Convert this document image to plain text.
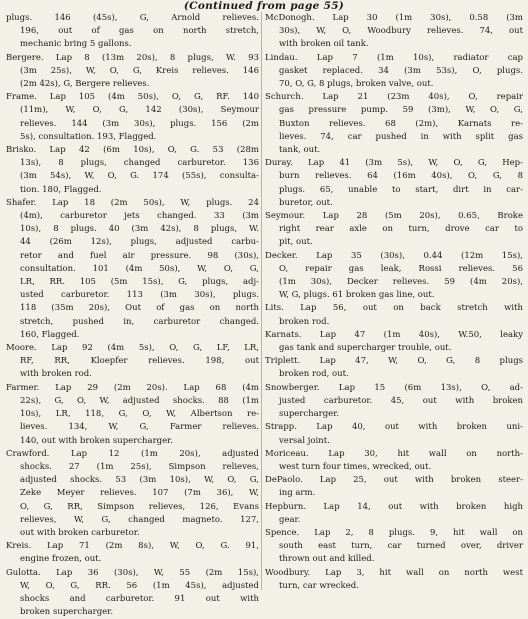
(Continued from page 55)
plugs. 146 (45s), G, Arnold relieves.
196, out of gas on north stretch,
mechanic bring 5 gallons.
Bergere. Lap 8 (13m 20s), 8 plugs, W. 93
(3m 25s), W, O, G, Kreis relieves. 146
(2m 42s), G, Bergere relieves.
Frame. Lap 105 (4m 50s), O, G, RF. 140
(11m), W, O, G, 142 (30s), Seymour
relieves. 144 (3m 30s), plugs. 156 (2m
5s), consultation. 193, Flagged.
Brisko. Lap 42 (6m 10s), O, G. 53 (28m
13s), 8 plugs, changed carburetor. 136
(3m 54s), W, O, G. 174 (55s), consulta-
tion. 180, Flagged.
Shafer. Lap 18 (2m 50s), W, plugs. 24
(4m), carburetor jets changed. 33 (3m
10s), 8 plugs. 40 (3m 42s), 8 plugs, W.
44 (26m 12s), plugs, adjusted carbu-
retor and fuel air pressure. 98 (30s),
consultation. 101 (4m 50s), W, O, G,
LR, RR. 105 (5m 15s), G, plugs, adj-
usted carburetor. 113 (3m 30s), plugs.
118 (35m 20s), Out of gas on north
stretch, pushed in, carburetor changed.
160, Flagged.
Moore. Lap 92 (4m 5s), O, G, LF, LR,
RF, RR, Kloepfer relieves. 198, out
with broken rod.
Farmer. Lap 29 (2m 20s). Lap 68 (4m
22s), G, O, W, adjusted shocks. 88 (1m
10s), LR, 118, G, O, W, Albertson re-
lieves. 134, W, G, Farmer relieves.
140, out with broken supercharger.
Crawford. Lap 12 (1m 20s), adjusted
shocks. 27 (1m 25s), Simpson relieves,
adjusted shocks. 53 (3m 10s), W, O, G,
Zeke Meyer relieves. 107 (7m 36), W,
O, G, RR, Simpson relieves, 126, Evans
relieves, W, G, changed magneto. 127,
out with broken carburetor.
Kreis. Lap 71 (2m 8s), W, O, G. 91,
engine frozen, out.
Gulotta. Lap 36 (30s), W, 55 (2m 15s),
W, O, G, RR. 56 (1m 45s), adjusted
shocks and carburetor. 91 out with
broken supercharger.
McDonogh. Lap 30 (1m 30s), 0.58 (3m
30s), W, O, Woodbury relieves. 74, out
with broken oil tank.
Lindau. Lap 7 (1m 10s), radiator cap
gasket replaced. 34 (3m 53s), O, plugs.
70, O, G, 8 plugs, broken valve, out.
Schurch. Lap 21 (23m 40s), O, repair
gas pressure pump. 59 (3m), W, O, G,
Buxton relieves. 68 (2m), Karnats re-
lieves. 74, car pushed in with split gas
tank, out.
Duray. Lap 41 (3m 5s), W, O, G, Hep-
burn relieves. 64 (16m 40s), O, G, 8
plugs. 65, unable to start, dirt in car-
buretor, out.
Seymour. Lap 28 (5m 20s), 0.65, Broke
right rear axle on turn, drove car to
pit, out.
Decker. Lap 35 (30s), 0.44 (12m 15s),
O, repair gas leak, Rossi relieves. 56
(1m 30s), Decker relieves. 59 (4m 20s),
W, G, plugs. 61 broken gas line, out.
Lits. Lap 56, out on back stretch with
broken rod.
Karnats. Lap 47 (1m 40s), W.50, leaky
gas tank and supercharger trouble, out.
Triplett. Lap 47, W, O, G, 8 plugs
broken rod, out.
Snowberger. Lap 15 (6m 13s), O, ad-
justed carburetor. 45, out with broken
supercharger.
Strapp. Lap 40, out with broken uni-
versal joint.
Moriceau. Lap 30, hit wall on north-
west turn four times, wrecked, out.
DePaolo. Lap 25, out with broken steer-
ing arm.
Hepburn. Lap 14, out with broken high
gear.
Spence. Lap 2, 8 plugs. 9, hit wall on
south east turn, car turned over, driver
thrown out and killed.
Woodbury. Lap 3, hit wall on north west
turn, car wrecked.
